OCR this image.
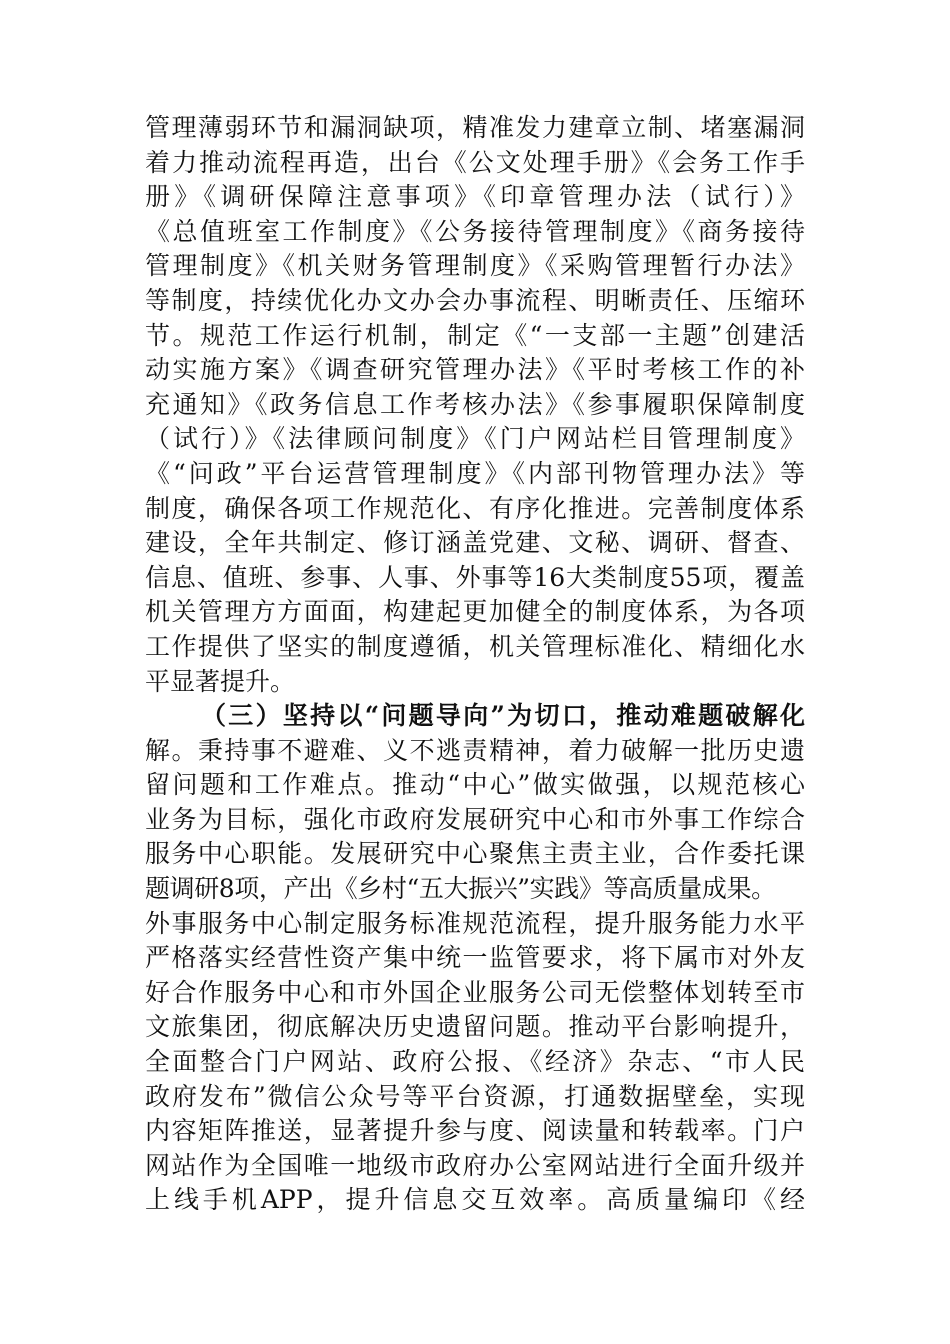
管理薄弱环节和漏洞缺项，精准发力建章立制、堵塞漏洞
着力推动流程再造，出台《公文处理手册》《会务工作手
册》《调研保障注意事项》《印章管理办法（试行）》
《总值班室工作制度》《公务接待管理制度》《商务接待
管理制度》《机关财务管理制度》《采购管理暂行办法》
等制度，持续优化办文办会办事流程、明晰责任、压缩环
节。规范工作运行机制，制定《“一支部一主题”创建活
动实施方案》《调查研究管理办法》《平时考核工作的补
充通知》《政务信息工作考核办法》《参事履职保障制度
（试行）》《法律顾问制度》《门户网站栏目管理制度》
《“问政”平台运营管理制度》《内部刊物管理办法》等
制度，确保各项工作规范化、有序化推进。完善制度体系
建设，全年共制定、修订涵盖党建、文秘、调研、督查、
信息、值班、参事、人事、外事等16大类制度55项，覆盖
机关管理方方面面，构建起更加健全的制度体系，为各项
工作提供了坚实的制度遵循，机关管理标准化、精细化水
平显著提升。
（三）坚持以“问题导向”为切口，推动难题破解化
解。秉持事不避难、义不逃责精神，着力破解一批历史遗
留问题和工作难点。推动“中心”做实做强，以规范核心
业务为目标，强化市政府发展研究中心和市外事工作综合
服务中心职能。发展研究中心聚焦主责主业，合作委托课
题调研8项，产出《乡村“五大振兴”实践》等高质量成果。
外事服务中心制定服务标准规范流程，提升服务能力水平
严格落实经营性资产集中统一监管要求，将下属市对外友
好合作服务中心和市外国企业服务公司无偿整体划转至市
文旅集团，彻底解决历史遗留问题。推动平台影响提升，
全面整合门户网站、政府公报、《经济》杂志、“市人民
政府发布”微信公众号等平台资源，打通数据壁垒，实现
内容矩阵推送，显著提升参与度、阅读量和转载率。门户
网站作为全国唯一地级市政府办公室网站进行全面升级并
上线手机APP，提升信息交互效率。高质量编印《经
